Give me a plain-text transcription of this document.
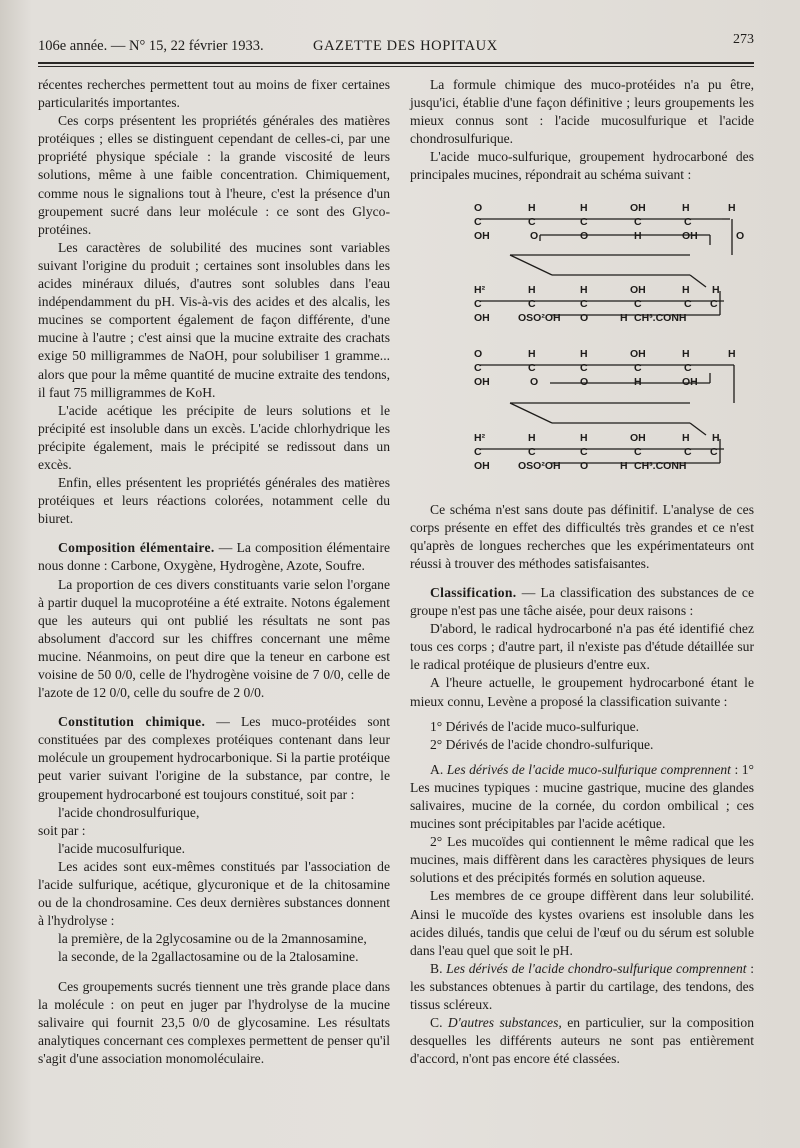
106e année. — N° 15, 22 février 1933.	GAZETTE DES HOPITAUX	273

récentes recherches permettent tout au moins de fixer certaines particularités importantes.

Ces corps présentent les propriétés générales des matières protéiques ; elles se distinguent cependant de celles-ci, par une propriété physique spéciale : la grande viscosité de leurs solutions, même à une faible concentration. Chimiquement, comme nous le signalions tout à l'heure, c'est la présence d'un groupement sucré dans leur molécule : ce sont des Glyco-protéines.

Les caractères de solubilité des mucines sont variables suivant l'origine du produit ; certaines sont insolubles dans les acides minéraux dilués, d'autres sont solubles dans l'eau indépendamment du pH. Vis-à-vis des acides et des alcalis, les mucines se comportent également de façon différente, d'une mucine à l'autre ; c'est ainsi que la mucine extraite des crachats exige 50 milligrammes de NaOH, pour solubiliser 1 gramme... alors que pour la même quantité de mucine extraite des tendons, il faut 75 milligrammes de KoH.

L'acide acétique les précipite de leurs solutions et le précipité est insoluble dans un excès. L'acide chlorhydrique les précipite également, mais le précipité se redissout dans un excès.

Enfin, elles présentent les propriétés générales des matières protéiques et leurs réactions colorées, notamment celle du biuret.

Composition élémentaire. — La composition élémentaire nous donne : Carbone, Oxygène, Hydrogène, Azote, Soufre.

La proportion de ces divers constituants varie selon l'organe à partir duquel la mucoprotéine a été extraite. Notons également que les auteurs qui ont publié les résultats ne sont pas absolument d'accord sur les chiffres concernant une même mucine. Néanmoins, on peut dire que la teneur en carbone est voisine de 50 0/0, celle de l'hydrogène voisine de 7 0/0, celle de l'azote de 12 0/0, celle du soufre de 2 0/0.

Constitution chimique. — Les muco-protéides sont constituées par des complexes protéiques contenant dans leur molécule un groupement hydrocarbonique. Si la partie protéique peut varier suivant l'origine de la substance, par contre, le groupement hydrocarboné est toujours constitué, soit par :

l'acide chondrosulfurique,

soit par :

l'acide mucosulfurique.

Les acides sont eux-mêmes constitués par l'association de l'acide sulfurique, acétique, glycuronique et de la chitosamine ou de la chondrosamine. Ces deux dernières substances donnent à l'hydrolyse :

la première, de la 2glycosamine ou de la 2mannosamine,

la seconde, de la 2gallactosamine ou de la 2talosamine.

Ces groupements sucrés tiennent une très grande place dans la molécule : on peut en juger par l'hydrolyse de la mucine salivaire qui fournit 23,5 0/0 de glycosamine. Les résultats analytiques concernant ces complexes permettent de penser qu'il s'agit d'une association monomoléculaire.

La formule chimique des muco-protéides n'a pu être, jusqu'ici, établie d'une façon définitive ; leurs groupements les mieux connus sont : l'acide mucosulfurique et l'acide chondrosulfurique.

L'acide muco-sulfurique, groupement hydrocarboné des principales mucines, répondrait au schéma suivant :

O	H	H	OH	H	H
C	C	C	C	C
OH	O	O	H	OH	O
H²	H	H	OH	H H
C	C	C	C	C C
OH	OSO²OH O	H CH³.CONH
O	H	H	OH	H	H
C	C	C	C	C
OH	O	O	H	OH
H²	H	H	OH	H H
C	C	C	C	C C
OH	OSO²OH O	H CH³.CONH

Ce schéma n'est sans doute pas définitif. L'analyse de ces corps présente en effet des difficultés très grandes et ce n'est qu'après de longues recherches que les expérimentateurs ont réussi à trouver des méthodes satisfaisantes.

Classification. — La classification des substances de ce groupe n'est pas une tâche aisée, pour deux raisons :

D'abord, le radical hydrocarboné n'a pas été identifié chez tous ces corps ; d'autre part, il n'existe pas d'étude détaillée sur le radical protéique de plusieurs d'entre eux.

A l'heure actuelle, le groupement hydrocarboné étant le mieux connu, Levène a proposé la classification suivante :

1° Dérivés de l'acide muco-sulfurique.

2° Dérivés de l'acide chondro-sulfurique.

A. Les dérivés de l'acide muco-sulfurique comprennent : 1° Les mucines typiques : mucine gastrique, mucine des glandes salivaires, mucine de la cornée, du cordon ombilical ; ces mucines sont précipitables par l'acide acétique.

2° Les mucoïdes qui contiennent le même radical que les mucines, mais diffèrent dans les caractères physiques de leurs solutions et des précipités formés en solution aqueuse.

Les membres de ce groupe diffèrent dans leur solubilité. Ainsi le mucoïde des kystes ovariens est insoluble dans les acides dilués, tandis que celui de l'œuf ou du sérum est soluble dans l'eau quel que soit le pH.

B. Les dérivés de l'acide chondro-sulfurique comprennent : les substances obtenues à partir du cartilage, des tendons, des tissus scléreux.

C. D'autres substances, en particulier, sur la composition desquelles les différents auteurs ne sont pas entièrement d'accord, n'ont pas encore été classées.
